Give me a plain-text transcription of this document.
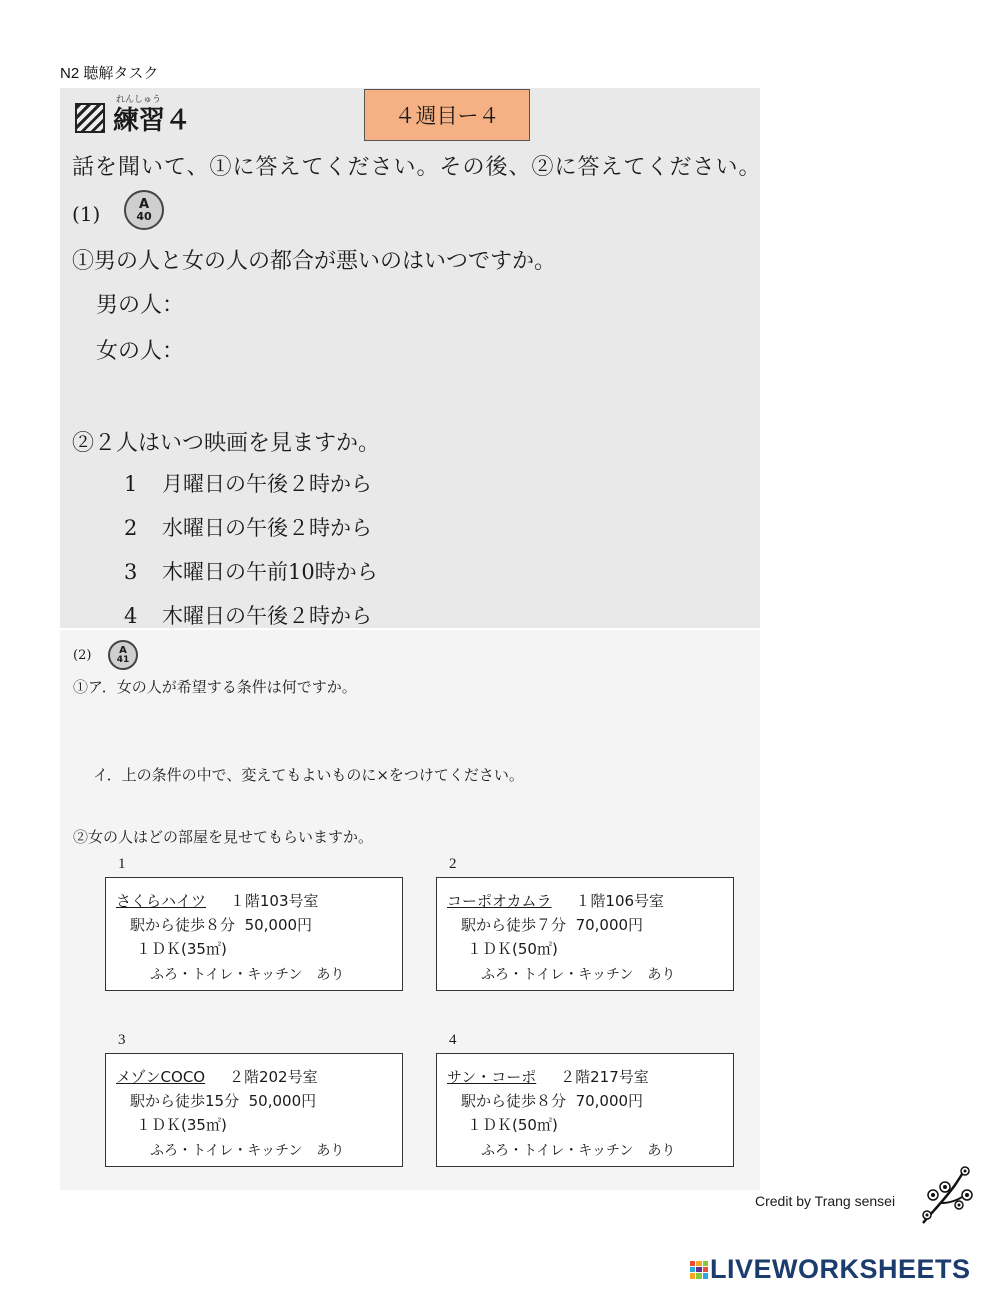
N2 聴解タスク
れんしゅう
練習４	４週目ー４
話を聞いて、①に答えてください。その後、②に答えてください。
(1)	A
40
①男の人と女の人の都合が悪いのはいつですか。
男の人：
女の人：
②２人はいつ映画を見ますか。
1 月曜日の午後２時から
2 水曜日の午後２時から
3 木曜日の午前10時から
4 木曜日の午後２時から
(2)	A
41
①ア．女の人が希望する条件は何ですか。
イ．上の条件の中で、変えてもよいものに×をつけてください。
②女の人はどの部屋を見せてもらいますか。
1
さくらハイツ １階103号室
駅から徒歩８分 50,000円
１ＤＫ(35㎡)
ふろ・トイレ・キッチン　あり
2
コーポオカムラ １階106号室
駅から徒歩７分 70,000円
１ＤＫ(50㎡)
ふろ・トイレ・キッチン　あり
3
メゾンCOCO ２階202号室
駅から徒歩15分 50,000円
１ＤＫ(35㎡)
ふろ・トイレ・キッチン　あり
4
サン・コーポ ２階217号室
駅から徒歩８分 70,000円
１ＤＫ(50㎡)
ふろ・トイレ・キッチン　あり
Credit by Trang sensei
LIVEWORKSHEETS
